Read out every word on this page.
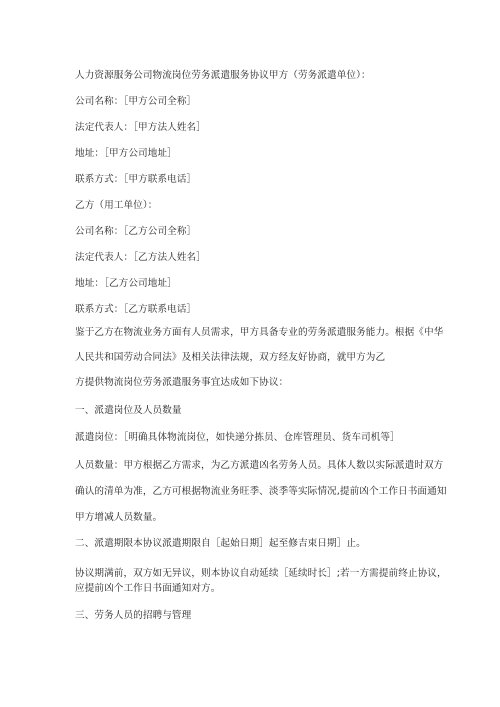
人力资源服务公司物流岗位劳务派遣服务协议甲方（劳务派遣单位）：
公司名称：［甲方公司全称］
法定代表人：［甲方法人姓名］
地址：［甲方公司地址］
联系方式：［甲方联系电话］
乙方（用工单位）：
公司名称：［乙方公司全称］
法定代表人：［乙方法人姓名］
地址：［乙方公司地址］
联系方式：［乙方联系电话］
鉴于乙方在物流业务方面有人员需求，甲方具备专业的劳务派遣服务能力。根据《中华
人民共和国劳动合同法》及相关法律法规，双方经友好协商，就甲方为乙
方提供物流岗位劳务派遣服务事宜达成如下协议：
一、派遣岗位及人员数量
派遣岗位：［明确具体物流岗位，如快递分拣员、仓库管理员、货车司机等］
人员数量：甲方根据乙方需求，为乙方派遣凶名劳务人员。具体人数以实际派遣时双方
确认的清单为准，乙方可根据物流业务旺季、淡季等实际情况,提前凶个工作日书面通知
甲方增减人员数量。
二、派遣期限本协议派遣期限自［起始日期］起至修吉束日期］止。
协议期满前，双方如无异议，则本协议自动延续［延续时长］;若一方需提前终止协议，
应提前凶个工作日书面通知对方。
三、劳务人员的招聘与管理
